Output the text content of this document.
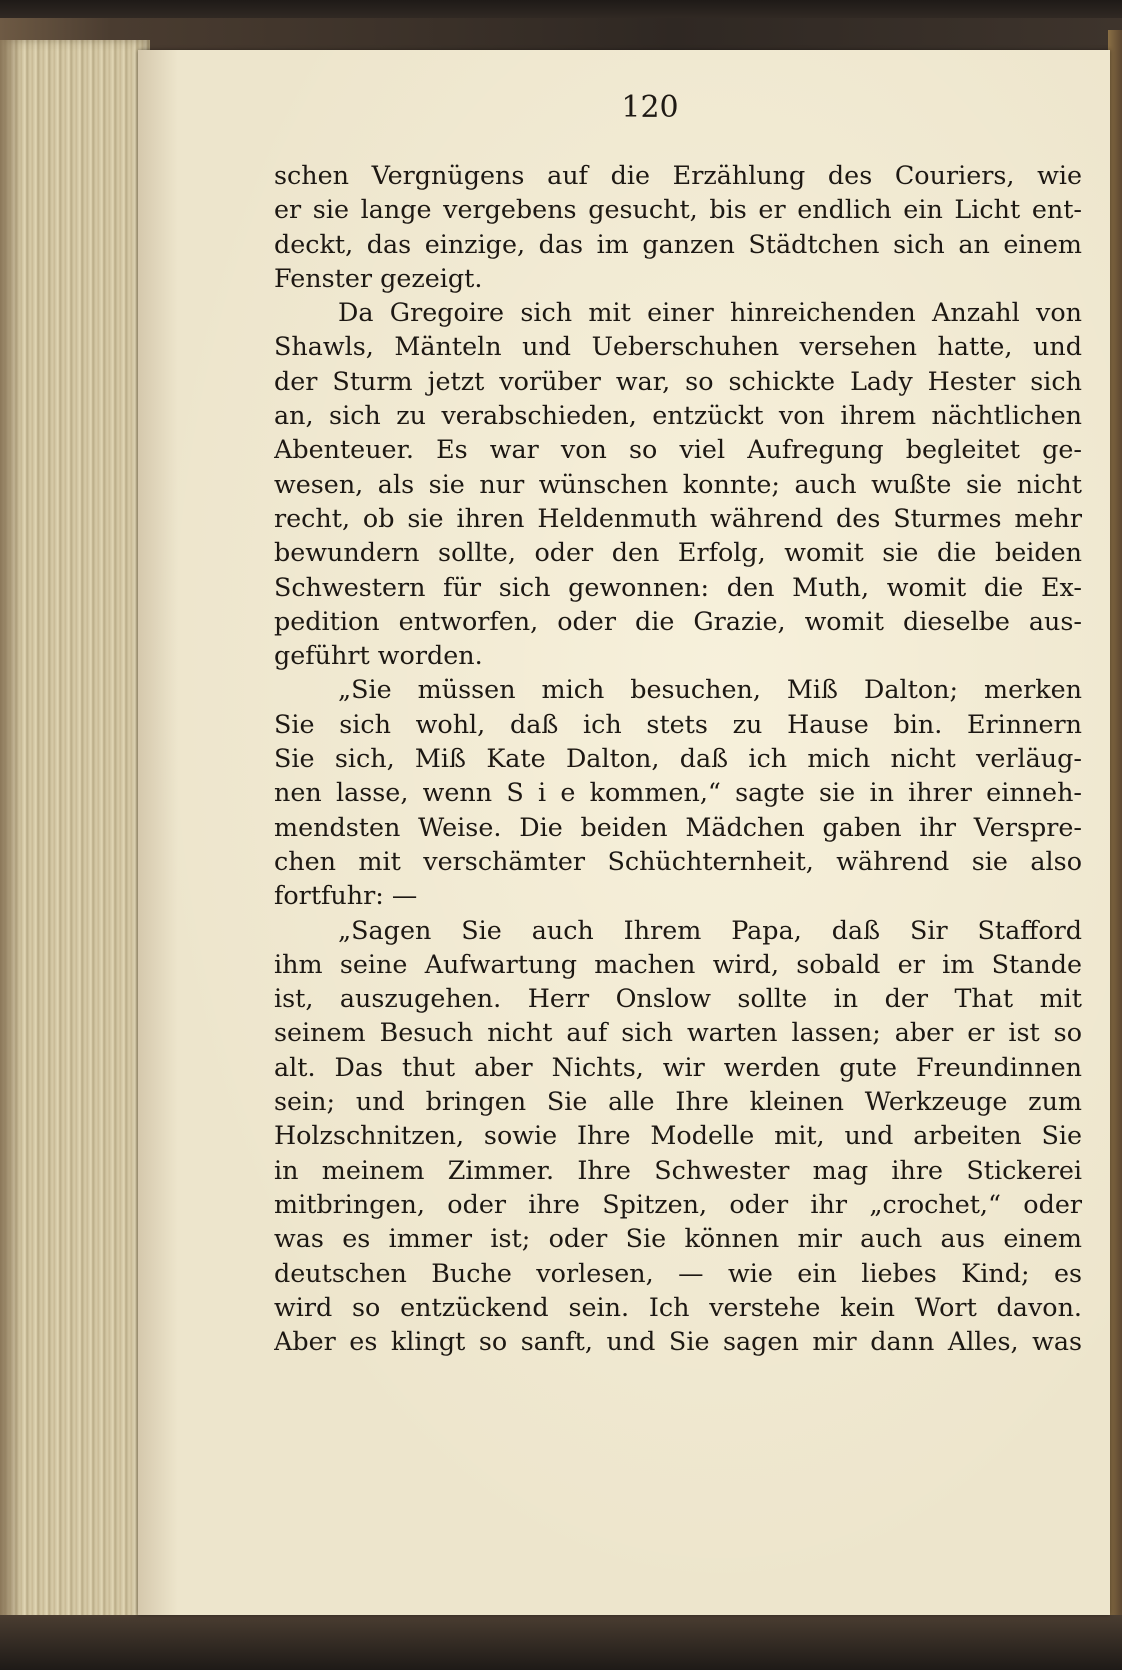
120
schen Vergnügens auf die Erzählung des Couriers, wie
er sie lange vergebens gesucht, bis er endlich ein Licht ent-
deckt, das einzige, das im ganzen Städtchen sich an einem
Fenster gezeigt.
Da Gregoire sich mit einer hinreichenden Anzahl von
Shawls, Mänteln und Ueberschuhen versehen hatte, und
der Sturm jetzt vorüber war, so schickte Lady Hester sich
an, sich zu verabschieden, entzückt von ihrem nächtlichen
Abenteuer. Es war von so viel Aufregung begleitet ge-
wesen, als sie nur wünschen konnte; auch wußte sie nicht
recht, ob sie ihren Heldenmuth während des Sturmes mehr
bewundern sollte, oder den Erfolg, womit sie die beiden
Schwestern für sich gewonnen: den Muth, womit die Ex-
pedition entworfen, oder die Grazie, womit dieselbe aus-
geführt worden.
„Sie müssen mich besuchen, Miß Dalton; merken
Sie sich wohl, daß ich stets zu Hause bin. Erinnern
Sie sich, Miß Kate Dalton, daß ich mich nicht verläug-
nen lasse, wenn S i e kommen,“ sagte sie in ihrer einneh-
mendsten Weise. Die beiden Mädchen gaben ihr Verspre-
chen mit verschämter Schüchternheit, während sie also
fortfuhr: —
„Sagen Sie auch Ihrem Papa, daß Sir Stafford
ihm seine Aufwartung machen wird, sobald er im Stande
ist, auszugehen. Herr Onslow sollte in der That mit
seinem Besuch nicht auf sich warten lassen; aber er ist so
alt. Das thut aber Nichts, wir werden gute Freundinnen
sein; und bringen Sie alle Ihre kleinen Werkzeuge zum
Holzschnitzen, sowie Ihre Modelle mit, und arbeiten Sie
in meinem Zimmer. Ihre Schwester mag ihre Stickerei
mitbringen, oder ihre Spitzen, oder ihr „crochet,“ oder
was es immer ist; oder Sie können mir auch aus einem
deutschen Buche vorlesen, — wie ein liebes Kind; es
wird so entzückend sein. Ich verstehe kein Wort davon.
Aber es klingt so sanft, und Sie sagen mir dann Alles, was
